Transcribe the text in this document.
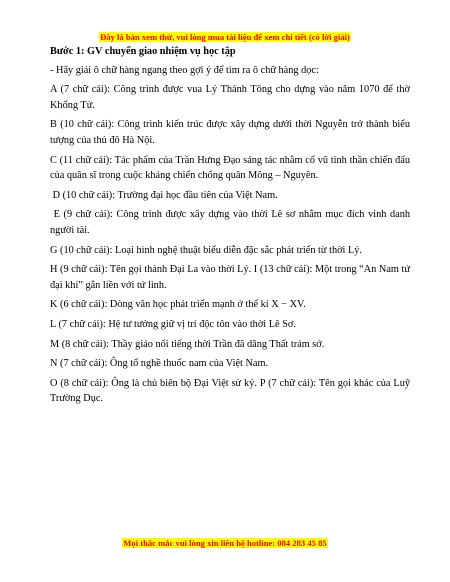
Đây là bản xem thử, vui lòng mua tài liệu để xem chi tiết (có lời giải)
Bước 1: GV chuyển giao nhiệm vụ học tập
- Hãy giải ô chữ hàng ngang theo gợi ý để tìm ra ô chữ hàng dọc:
A (7 chữ cái): Công trình được vua Lý Thánh Tông cho dựng vào năm 1070 để thờ Khổng Tử.
B (10 chữ cái): Công trình kiến trúc được xây dựng dưới thời Nguyễn trở thành biểu tượng của thủ đô Hà Nội.
C (11 chữ cái): Tác phẩm của Trần Hưng Đạo sáng tác nhằm cổ vũ tinh thần chiến đấu của quân sĩ trong cuộc kháng chiến chống quân Mông – Nguyên.
D (10 chữ cái): Trường đại học đầu tiên của Việt Nam.
E (9 chữ cái): Công trình được xây dựng vào thời Lê sơ nhằm mục đích vinh danh người tài.
G (10 chữ cái): Loại hình nghệ thuật biểu diễn đặc sắc phát triển từ thời Lý.
H (9 chữ cái): Tên gọi thành Đại La vào thời Lý. I (13 chữ cái): Một trong “An Nam tứ đại khí” gắn liền với tứ linh.
K (6 chữ cái): Dòng văn học phát triển mạnh ở thế kỉ X − XV.
L (7 chữ cái): Hệ tư tưởng giữ vị trí độc tôn vào thời Lê Sơ.
M (8 chữ cái): Thầy giáo nổi tiếng thời Trần đã dâng Thất trảm sớ.
N (7 chữ cái): Ông tổ nghề thuốc nam của Việt Nam.
O (8 chữ cái): Ông là chủ biên bộ Đại Việt sử ký. P (7 chữ cái): Tên gọi khác của Luỹ Trường Dục.
Mọi thắc mắc vui lòng xin liên hệ hotline: 084 283 45 85
